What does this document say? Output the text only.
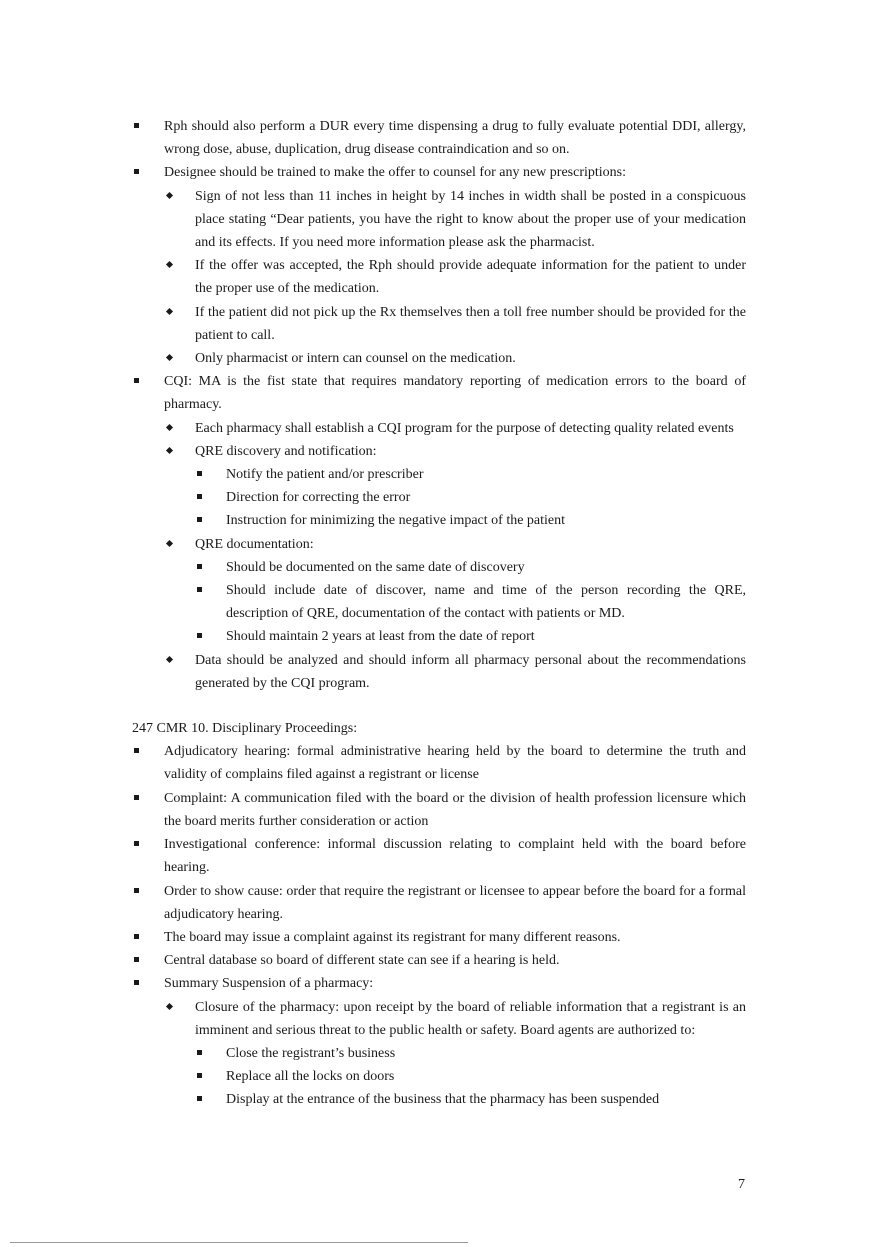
Rph should also perform a DUR every time dispensing a drug to fully evaluate potential DDI, allergy, wrong dose, abuse, duplication, drug disease contraindication and so on.
Designee should be trained to make the offer to counsel for any new prescriptions:
Sign of not less than 11 inches in height by 14 inches in width shall be posted in a conspicuous place stating “Dear patients, you have the right to know about the proper use of your medication and its effects. If you need more information please ask the pharmacist.
If the offer was accepted, the Rph should provide adequate information for the patient to under the proper use of the medication.
If the patient did not pick up the Rx themselves then a toll free number should be provided for the patient to call.
Only pharmacist or intern can counsel on the medication.
CQI: MA is the fist state that requires mandatory reporting of medication errors to the board of pharmacy.
Each pharmacy shall establish a CQI program for the purpose of detecting quality related events
QRE discovery and notification:
Notify the patient and/or prescriber
Direction for correcting the error
Instruction for minimizing the negative impact of the patient
QRE documentation:
Should be documented on the same date of discovery
Should include date of discover, name and time of the person recording the QRE, description of QRE, documentation of the contact with patients or MD.
Should maintain 2 years at least from the date of report
Data should be analyzed and should inform all pharmacy personal about the recommendations generated by the CQI program.
247 CMR 10. Disciplinary Proceedings:
Adjudicatory hearing: formal administrative hearing held by the board to determine the truth and validity of complains filed against a registrant or license
Complaint: A communication filed with the board or the division of health profession licensure which the board merits further consideration or action
Investigational conference: informal discussion relating to complaint held with the board before hearing.
Order to show cause: order that require the registrant or licensee to appear before the board for a formal adjudicatory hearing.
The board may issue a complaint against its registrant for many different reasons.
Central database so board of different state can see if a hearing is held.
Summary Suspension of a pharmacy:
Closure of the pharmacy: upon receipt by the board of reliable information that a registrant is an imminent and serious threat to the public health or safety. Board agents are authorized to:
Close the registrant’s business
Replace all the locks on doors
Display at the entrance of the business that the pharmacy has been suspended
7
